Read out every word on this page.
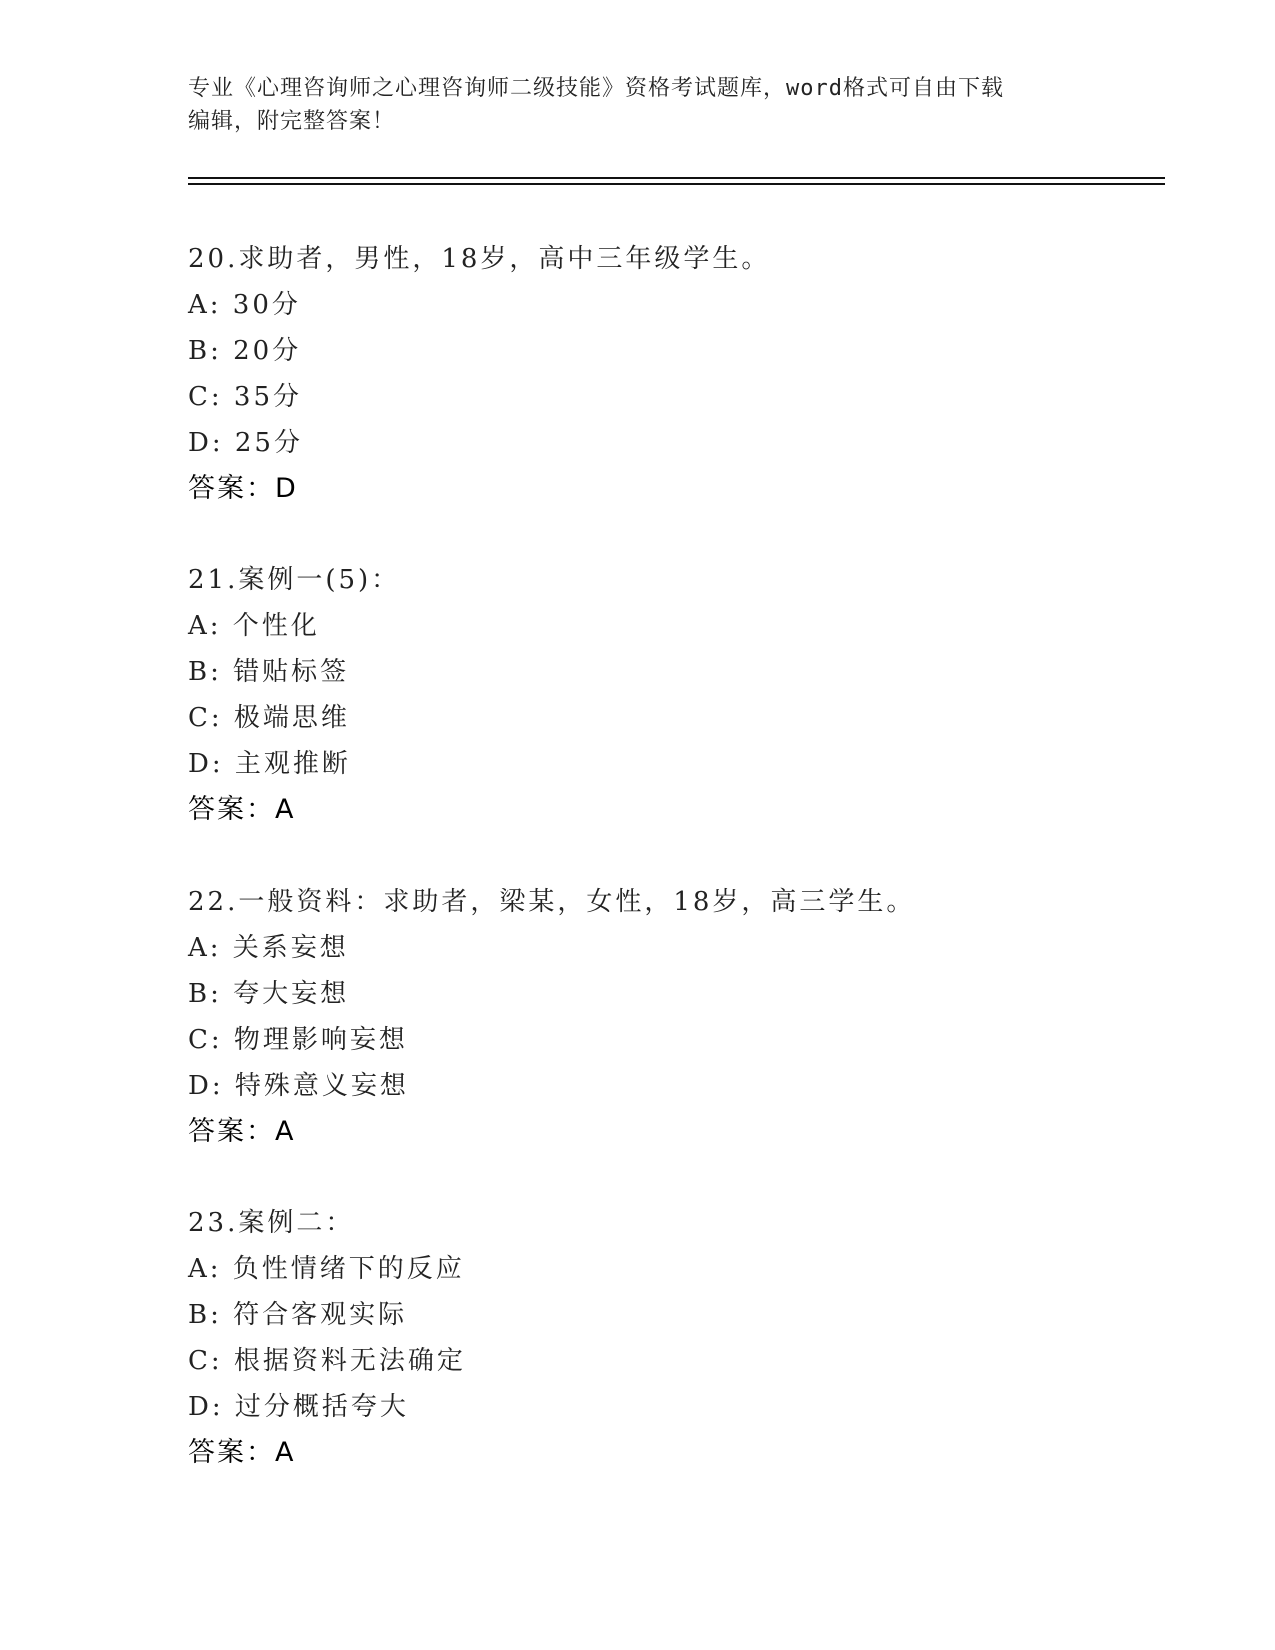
专业《心理咨询师之心理咨询师二级技能》资格考试题库，word格式可自由下载
编辑，附完整答案！
20.求助者，男性，18岁，高中三年级学生。
A: 30分
B: 20分
C: 35分
D: 25分
答案：D
21.案例一(5)：
A: 个性化
B: 错贴标签
C: 极端思维
D: 主观推断
答案：A
22.一般资料：求助者，梁某，女性，18岁，高三学生。
A: 关系妄想
B: 夸大妄想
C: 物理影响妄想
D: 特殊意义妄想
答案：A
23.案例二：
A: 负性情绪下的反应
B: 符合客观实际
C: 根据资料无法确定
D: 过分概括夸大
答案：A
